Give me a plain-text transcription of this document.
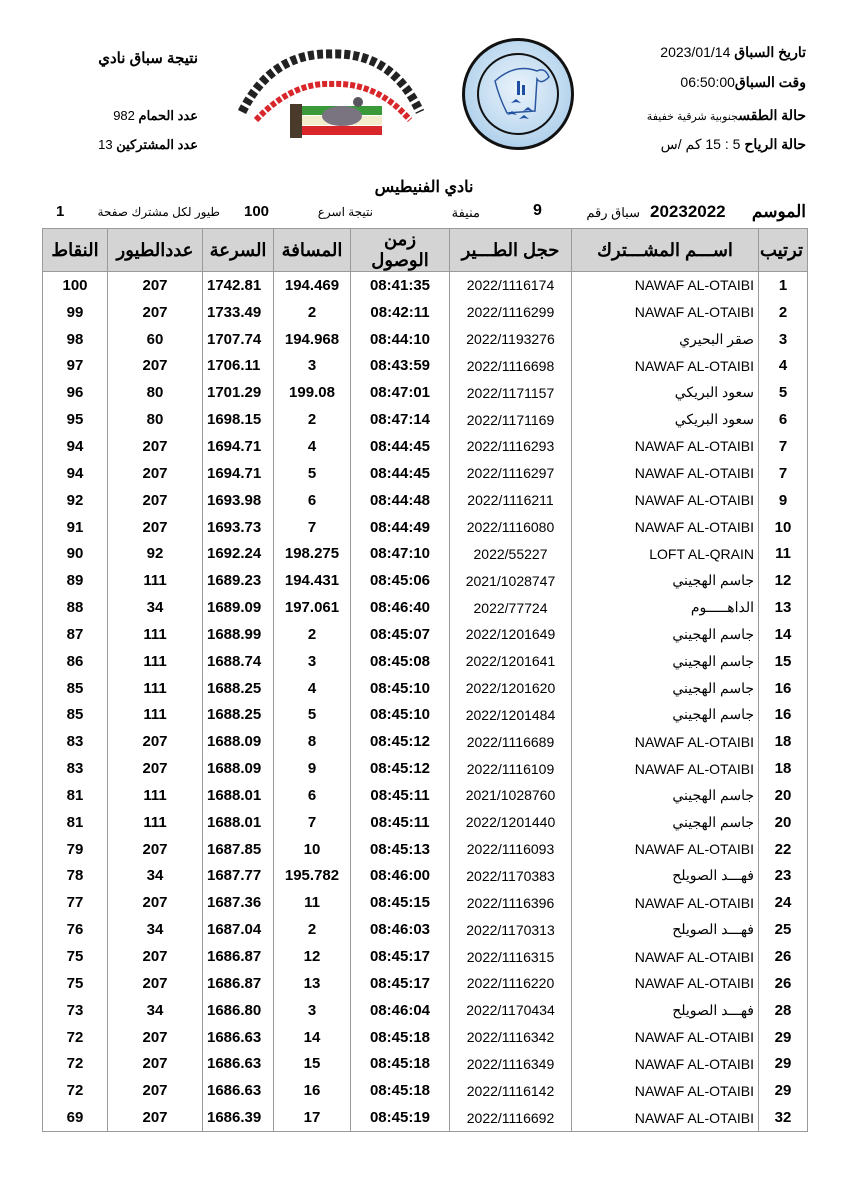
تاريخ السباق 2023/01/14
وقت السباق06:50:00
حالة الطقسجنوبية شرقية خفيفة
حالة الرياح 5 : 15 كم /س
نتيجة سباق نادي
عدد الحمام 982
عدد المشتركين 13
نادي الفنيطيس
الموسم
20232022
سباق رقم
9
منيفة
نتيجة اسرع
100
طيور لكل مشترك
صفحة
1
ترتيب	اســـم المشـــترك	حجل الطـــير	زمن الوصول	المسافة	السرعة	عددالطيور	النقاط
1	NAWAF AL-OTAIBI	2022/1116174	08:41:35	194.469	1742.81	207	100
2	NAWAF AL-OTAIBI	2022/1116299	08:42:11	2	1733.49	207	99
3	صقر البحيري	2022/1193276	08:44:10	194.968	1707.74	60	98
4	NAWAF AL-OTAIBI	2022/1116698	08:43:59	3	1706.11	207	97
5	سعود البريكي	2022/1171157	08:47:01	199.08	1701.29	80	96
6	سعود البريكي	2022/1171169	08:47:14	2	1698.15	80	95
7	NAWAF AL-OTAIBI	2022/1116293	08:44:45	4	1694.71	207	94
7	NAWAF AL-OTAIBI	2022/1116297	08:44:45	5	1694.71	207	94
9	NAWAF AL-OTAIBI	2022/1116211	08:44:48	6	1693.98	207	92
10	NAWAF AL-OTAIBI	2022/1116080	08:44:49	7	1693.73	207	91
11	LOFT AL-QRAIN	2022/55227	08:47:10	198.275	1692.24	92	90
12	جاسم الهجيني	2021/1028747	08:45:06	194.431	1689.23	111	89
13	الداهـــــوم	2022/77724	08:46:40	197.061	1689.09	34	88
14	جاسم الهجيني	2022/1201649	08:45:07	2	1688.99	111	87
15	جاسم الهجيني	2022/1201641	08:45:08	3	1688.74	111	86
16	جاسم الهجيني	2022/1201620	08:45:10	4	1688.25	111	85
16	جاسم الهجيني	2022/1201484	08:45:10	5	1688.25	111	85
18	NAWAF AL-OTAIBI	2022/1116689	08:45:12	8	1688.09	207	83
18	NAWAF AL-OTAIBI	2022/1116109	08:45:12	9	1688.09	207	83
20	جاسم الهجيني	2021/1028760	08:45:11	6	1688.01	111	81
20	جاسم الهجيني	2022/1201440	08:45:11	7	1688.01	111	81
22	NAWAF AL-OTAIBI	2022/1116093	08:45:13	10	1687.85	207	79
23	فهـــد الصويلح	2022/1170383	08:46:00	195.782	1687.77	34	78
24	NAWAF AL-OTAIBI	2022/1116396	08:45:15	11	1687.36	207	77
25	فهـــد الصويلح	2022/1170313	08:46:03	2	1687.04	34	76
26	NAWAF AL-OTAIBI	2022/1116315	08:45:17	12	1686.87	207	75
26	NAWAF AL-OTAIBI	2022/1116220	08:45:17	13	1686.87	207	75
28	فهـــد الصويلح	2022/1170434	08:46:04	3	1686.80	34	73
29	NAWAF AL-OTAIBI	2022/1116342	08:45:18	14	1686.63	207	72
29	NAWAF AL-OTAIBI	2022/1116349	08:45:18	15	1686.63	207	72
29	NAWAF AL-OTAIBI	2022/1116142	08:45:18	16	1686.63	207	72
32	NAWAF AL-OTAIBI	2022/1116692	08:45:19	17	1686.39	207	69
